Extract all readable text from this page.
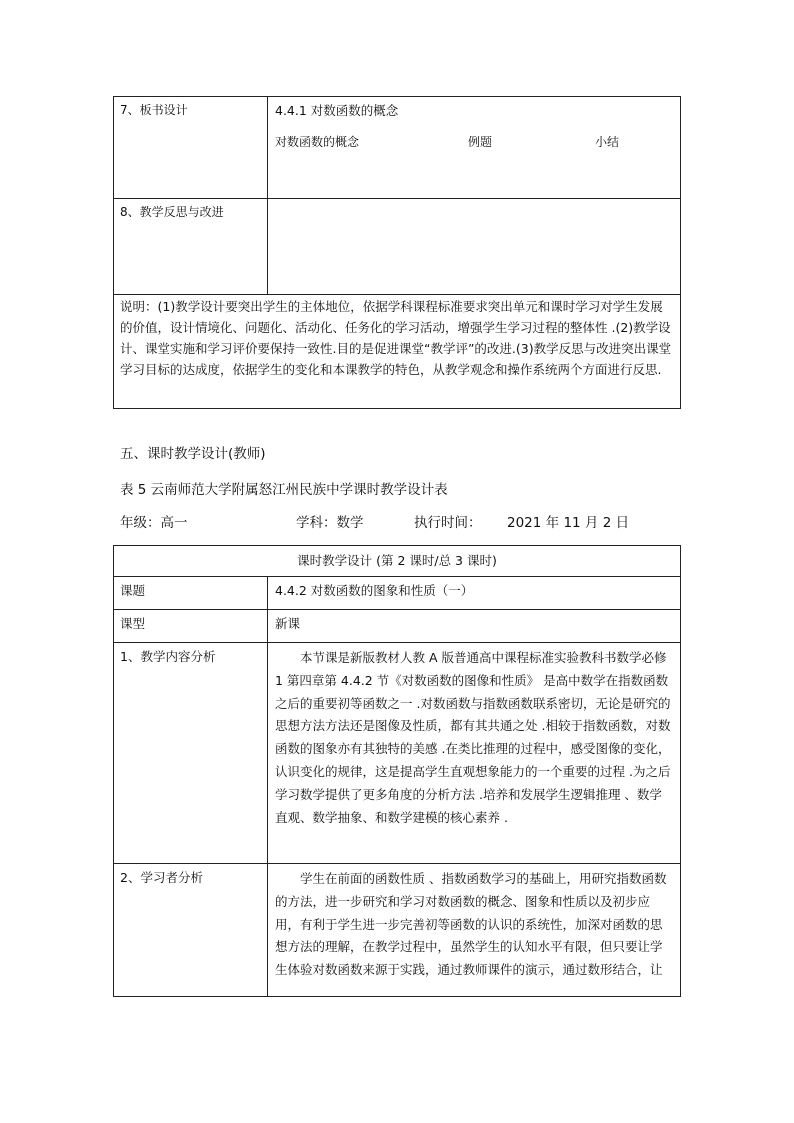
7、板书设计	4.4.1 对数函数的概念
对数函数的概念 例题 小结

8、教学反思与改进	
说明：(1)教学设计要突出学生的主体地位，依据学科课程标准要求突出单元和课时学习对学生发展的价值，设计情境化、问题化、活动化、任务化的学习活动，增强学生学习过程的整体性 .(2)教学设计、课堂实施和学习评价要保持一致性.目的是促进课堂“教学评”的改进.(3)教学反思与改进突出课堂学习目标的达成度，依据学生的变化和本课教学的特色，从教学观念和操作系统两个方面进行反思.	
五、课时教学设计(教师)
表 5 云南师范大学附属怒江州民族中学课时教学设计表
年级：高一	学科：数学	执行时间： 2021 年 11 月 2 日
课时教学设计 (第 2 课时/总 3 课时)	
课题	4.4.2 对数函数的图象和性质（一）
课型	新课
1、教学内容分析	本节课是新版教材人教 A 版普通高中课程标准实验教科书数学必修 1 第四章第 4.4.2 节《对数函数的图像和性质》 是高中数学在指数函数之后的重要初等函数之一 .对数函数与指数函数联系密切，无论是研究的思想方法方法还是图像及性质，都有其共通之处 .相较于指数函数，对数函数的图象亦有其独特的美感 .在类比推理的过程中，感受图像的变化，认识变化的规律，这是提高学生直观想象能力的一个重要的过程 .为之后学习数学提供了更多角度的分析方法 .培养和发展学生逻辑推理 、数学直观、数学抽象、和数学建模的核心素养 .

2、学习者分析	学生在前面的函数性质 、指数函数学习的基础上，用研究指数函数的方法，进一步研究和学习对数函数的概念、图象和性质以及初步应用，有利于学生进一步完善初等函数的认识的系统性，加深对函数的思想方法的理解，在教学过程中，虽然学生的认知水平有限，但只要让学生体验对数函数来源于实践，通过教师课件的演示，通过数形结合，让
